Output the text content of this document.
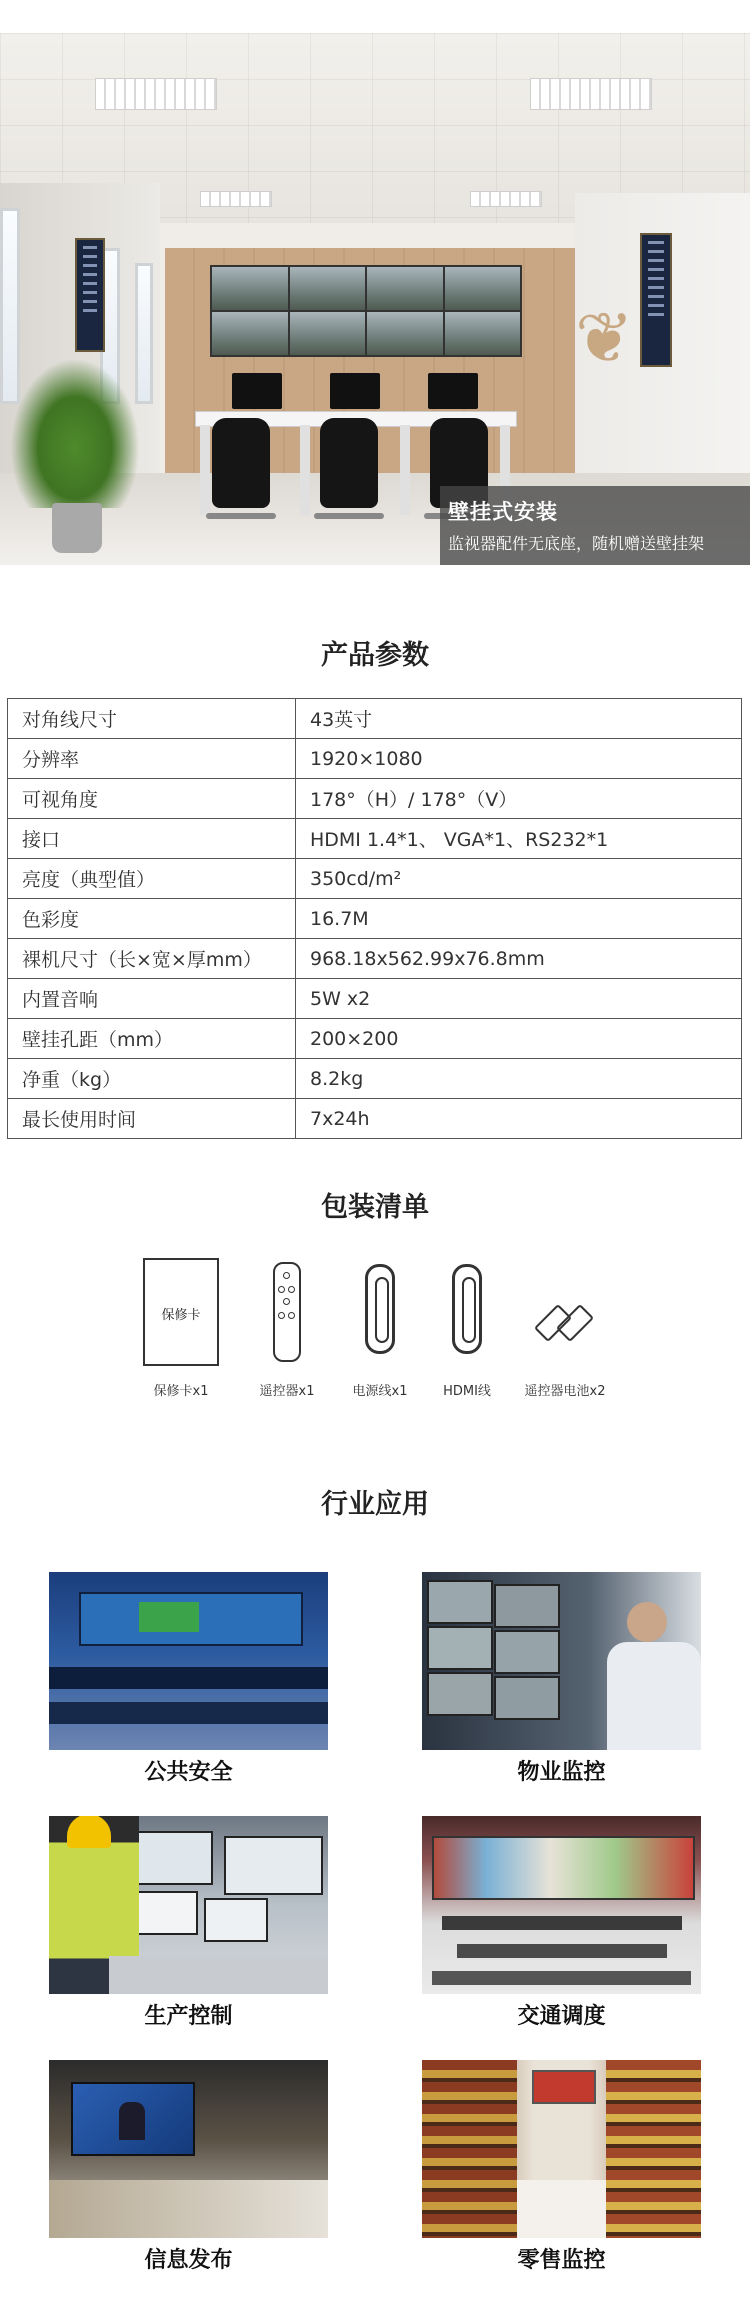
❦
壁挂式安装

监视器配件无底座，随机赠送壁挂架

产品参数
对角线尺寸	43英寸
分辨率	1920×1080
可视角度	178°（H）/ 178°（V）
接口	HDMI 1.4*1、 VGA*1、RS232*1
亮度（典型值）	350cd/m²
色彩度	16.7M
裸机尺寸（长×宽×厚mm）	968.18x562.99x76.8mm
内置音响	5W x2
壁挂孔距（mm）	200×200
净重（kg）	8.2kg
最长使用时间	7x24h
包装清单
保修卡
保修卡x1	遥控器x1	电源线x1	HDMI线	遥控器电池x2
行业应用
公共安全	物业监控
生产控制	交通调度
信息发布	零售监控
